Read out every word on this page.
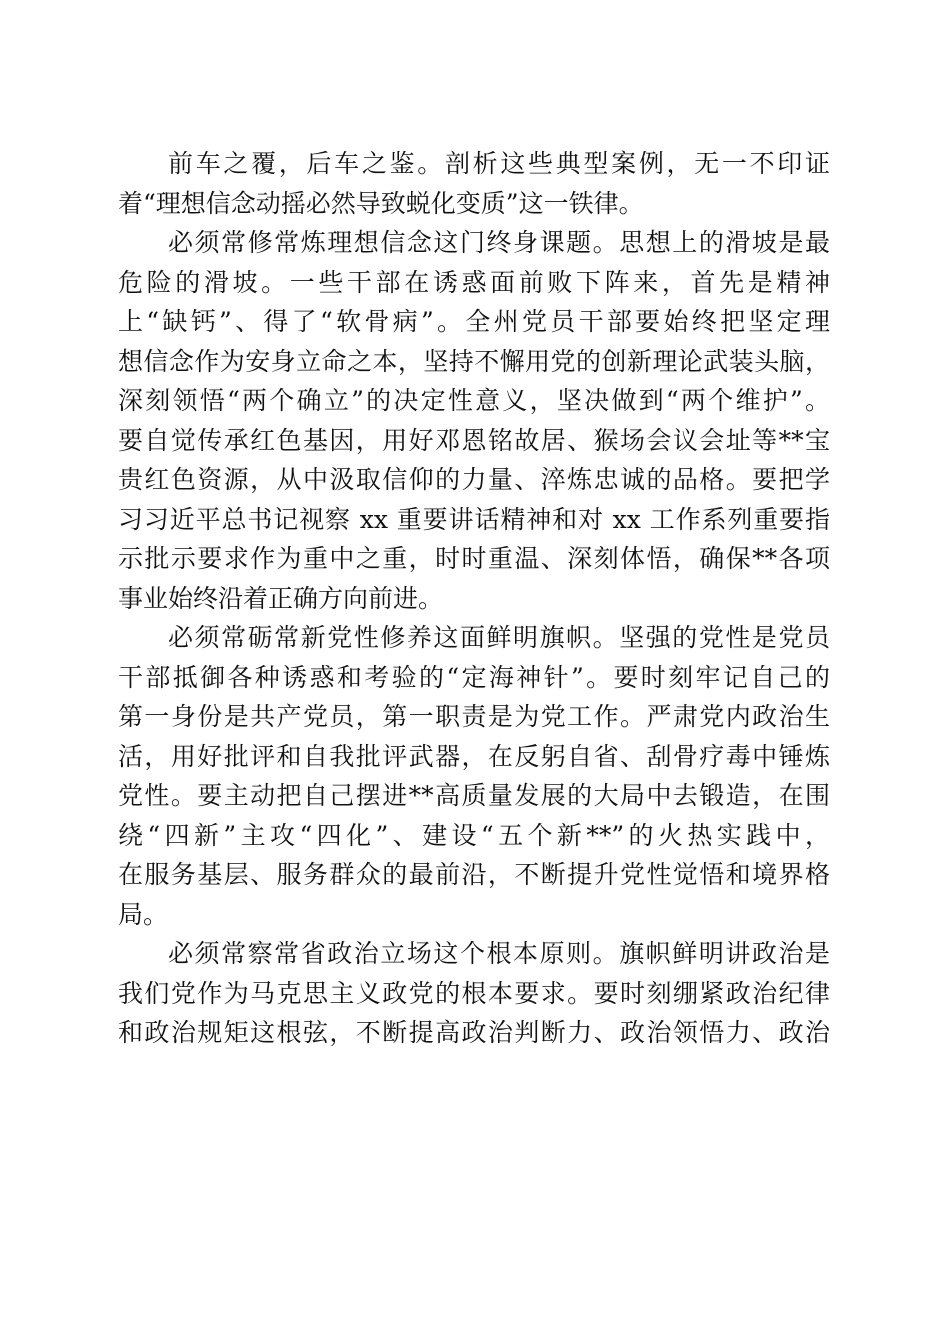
前车之覆，后车之鉴。剖析这些典型案例，无一不印证
着“理想信念动摇必然导致蜕化变质”这一铁律。
必须常修常炼理想信念这门终身课题。思想上的滑坡是最
危险的滑坡。一些干部在诱惑面前败下阵来，首先是精神
上“缺钙”、得了“软骨病”。全州党员干部要始终把坚定理
想信念作为安身立命之本，坚持不懈用党的创新理论武装头脑，
深刻领悟“两个确立”的决定性意义，坚决做到“两个维护”。
要自觉传承红色基因，用好邓恩铭故居、猴场会议会址等**宝
贵红色资源，从中汲取信仰的力量、淬炼忠诚的品格。要把学
习习近平总书记视察 xx 重要讲话精神和对 xx 工作系列重要指
示批示要求作为重中之重，时时重温、深刻体悟，确保**各项
事业始终沿着正确方向前进。
必须常砺常新党性修养这面鲜明旗帜。坚强的党性是党员
干部抵御各种诱惑和考验的“定海神针”。要时刻牢记自己的
第一身份是共产党员，第一职责是为党工作。严肃党内政治生
活，用好批评和自我批评武器，在反躬自省、刮骨疗毒中锤炼
党性。要主动把自己摆进**高质量发展的大局中去锻造，在围
绕“四新”主攻“四化”、建设“五个新**”的火热实践中，
在服务基层、服务群众的最前沿，不断提升党性觉悟和境界格
局。
必须常察常省政治立场这个根本原则。旗帜鲜明讲政治是
我们党作为马克思主义政党的根本要求。要时刻绷紧政治纪律
和政治规矩这根弦，不断提高政治判断力、政治领悟力、政治
